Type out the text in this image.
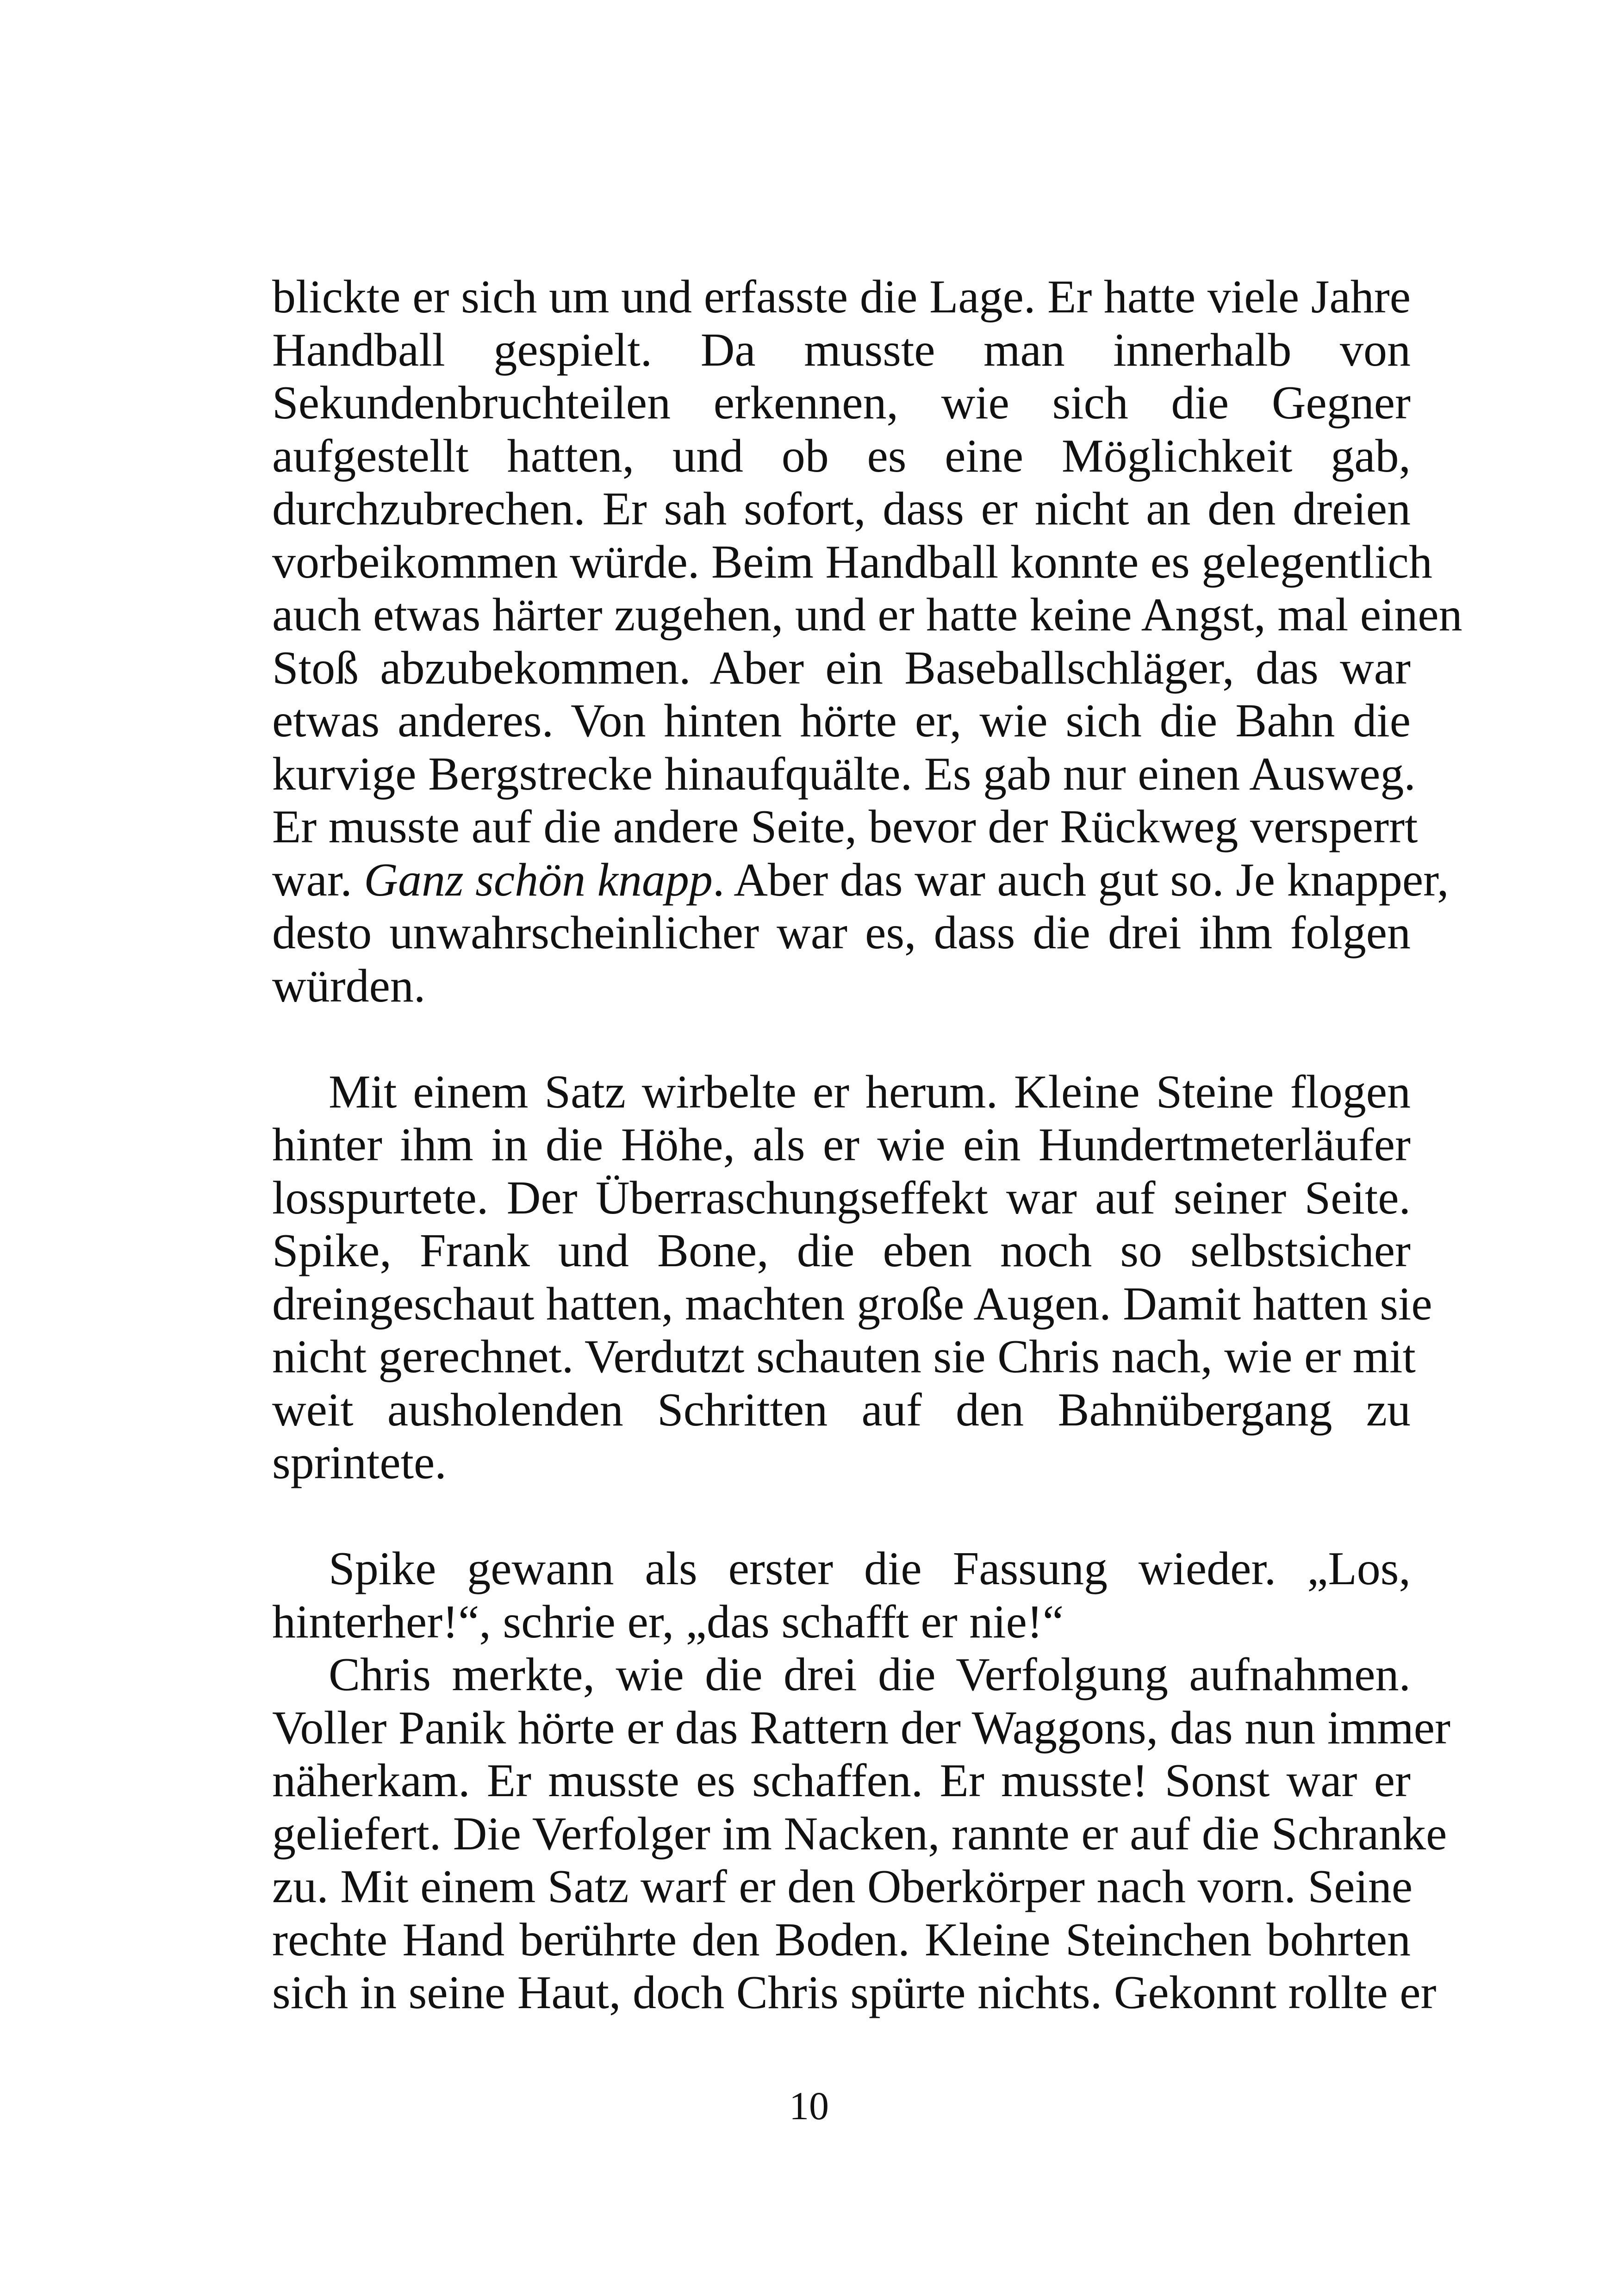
blickte er sich um und erfasste die Lage. Er hatte viele Jahre
Handball gespielt. Da musste man innerhalb von
Sekundenbruchteilen erkennen, wie sich die Gegner
aufgestellt hatten, und ob es eine Möglichkeit gab,
durchzubrechen. Er sah sofort, dass er nicht an den dreien
vorbeikommen würde. Beim Handball konnte es gelegentlich
auch etwas härter zugehen, und er hatte keine Angst, mal einen
Stoß abzubekommen. Aber ein Baseballschläger, das war
etwas anderes. Von hinten hörte er, wie sich die Bahn die
kurvige Bergstrecke hinaufquälte. Es gab nur einen Ausweg.
Er musste auf die andere Seite, bevor der Rückweg versperrt
war. Ganz schön knapp. Aber das war auch gut so. Je knapper,
desto unwahrscheinlicher war es, dass die drei ihm folgen
würden.
Mit einem Satz wirbelte er herum. Kleine Steine flogen
hinter ihm in die Höhe, als er wie ein Hundertmeterläufer
losspurtete. Der Überraschungseffekt war auf seiner Seite.
Spike, Frank und Bone, die eben noch so selbstsicher
dreingeschaut hatten, machten große Augen. Damit hatten sie
nicht gerechnet. Verdutzt schauten sie Chris nach, wie er mit
weit ausholenden Schritten auf den Bahnübergang zu
sprintete.
Spike gewann als erster die Fassung wieder. „Los,
hinterher!“, schrie er, „das schafft er nie!“
Chris merkte, wie die drei die Verfolgung aufnahmen.
Voller Panik hörte er das Rattern der Waggons, das nun immer
näherkam. Er musste es schaffen. Er musste! Sonst war er
geliefert. Die Verfolger im Nacken, rannte er auf die Schranke
zu. Mit einem Satz warf er den Oberkörper nach vorn. Seine
rechte Hand berührte den Boden. Kleine Steinchen bohrten
sich in seine Haut, doch Chris spürte nichts. Gekonnt rollte er
10
